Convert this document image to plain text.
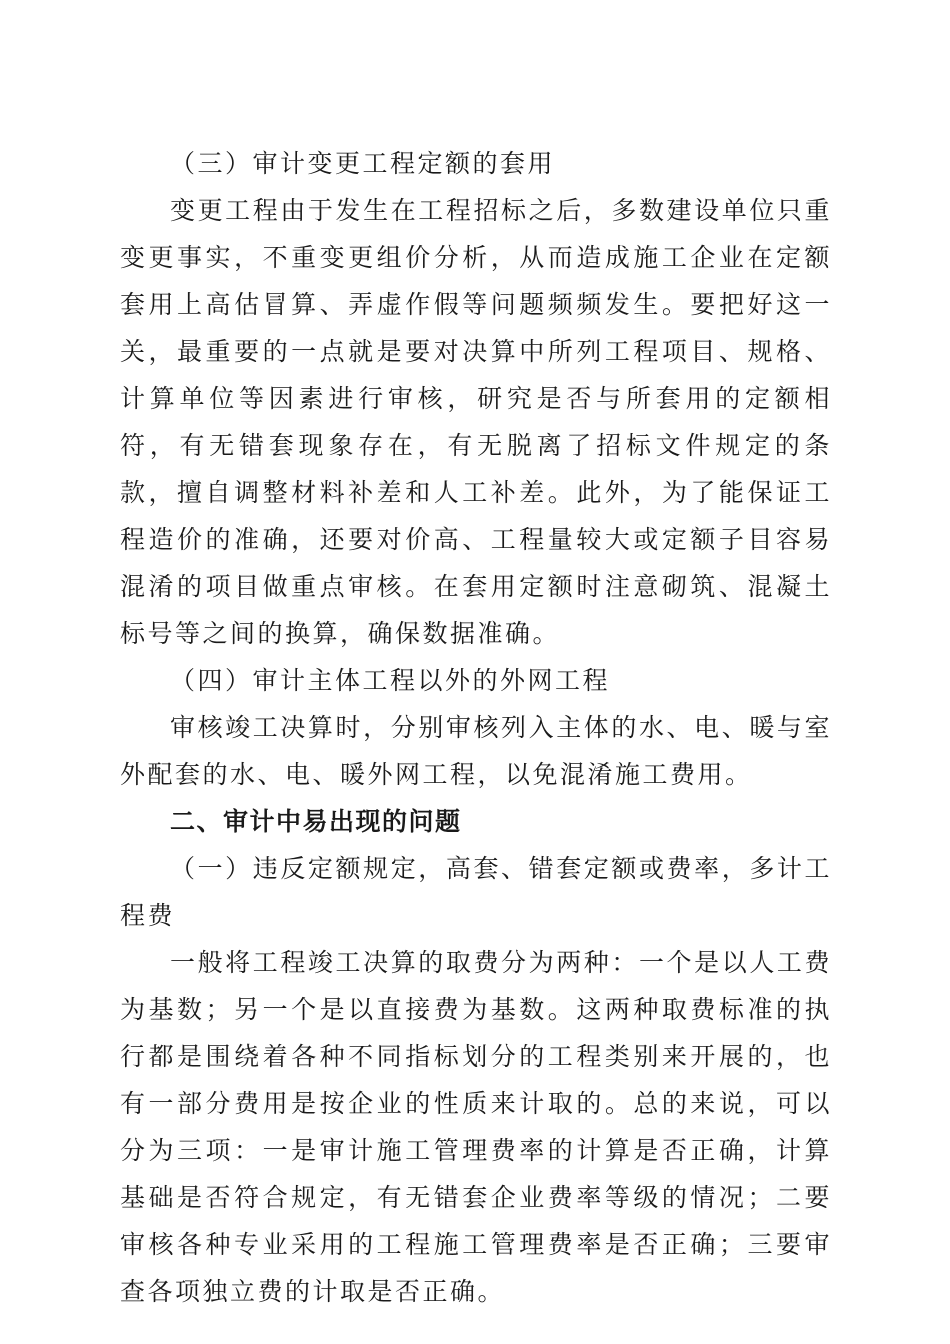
（三）审计变更工程定额的套用

变更工程由于发生在工程招标之后，多数建设单位只重变更事实，不重变更组价分析，从而造成施工企业在定额套用上高估冒算、弄虚作假等问题频频发生。要把好这一关，最重要的一点就是要对决算中所列工程项目、规格、计算单位等因素进行审核，研究是否与所套用的定额相符，有无错套现象存在，有无脱离了招标文件规定的条款，擅自调整材料补差和人工补差。此外，为了能保证工程造价的准确，还要对价高、工程量较大或定额子目容易混淆的项目做重点审核。在套用定额时注意砌筑、混凝土标号等之间的换算，确保数据准确。

（四）审计主体工程以外的外网工程

审核竣工决算时，分别审核列入主体的水、电、暖与室外配套的水、电、暖外网工程，以免混淆施工费用。

二、审计中易出现的问题

（一）违反定额规定，高套、错套定额或费率，多计工程费

一般将工程竣工决算的取费分为两种：一个是以人工费为基数；另一个是以直接费为基数。这两种取费标准的执行都是围绕着各种不同指标划分的工程类别来开展的，也有一部分费用是按企业的性质来计取的。总的来说，可以分为三项：一是审计施工管理费率的计算是否正确，计算基础是否符合规定，有无错套企业费率等级的情况；二要审核各种专业采用的工程施工管理费率是否正确；三要审查各项独立费的计取是否正确。
